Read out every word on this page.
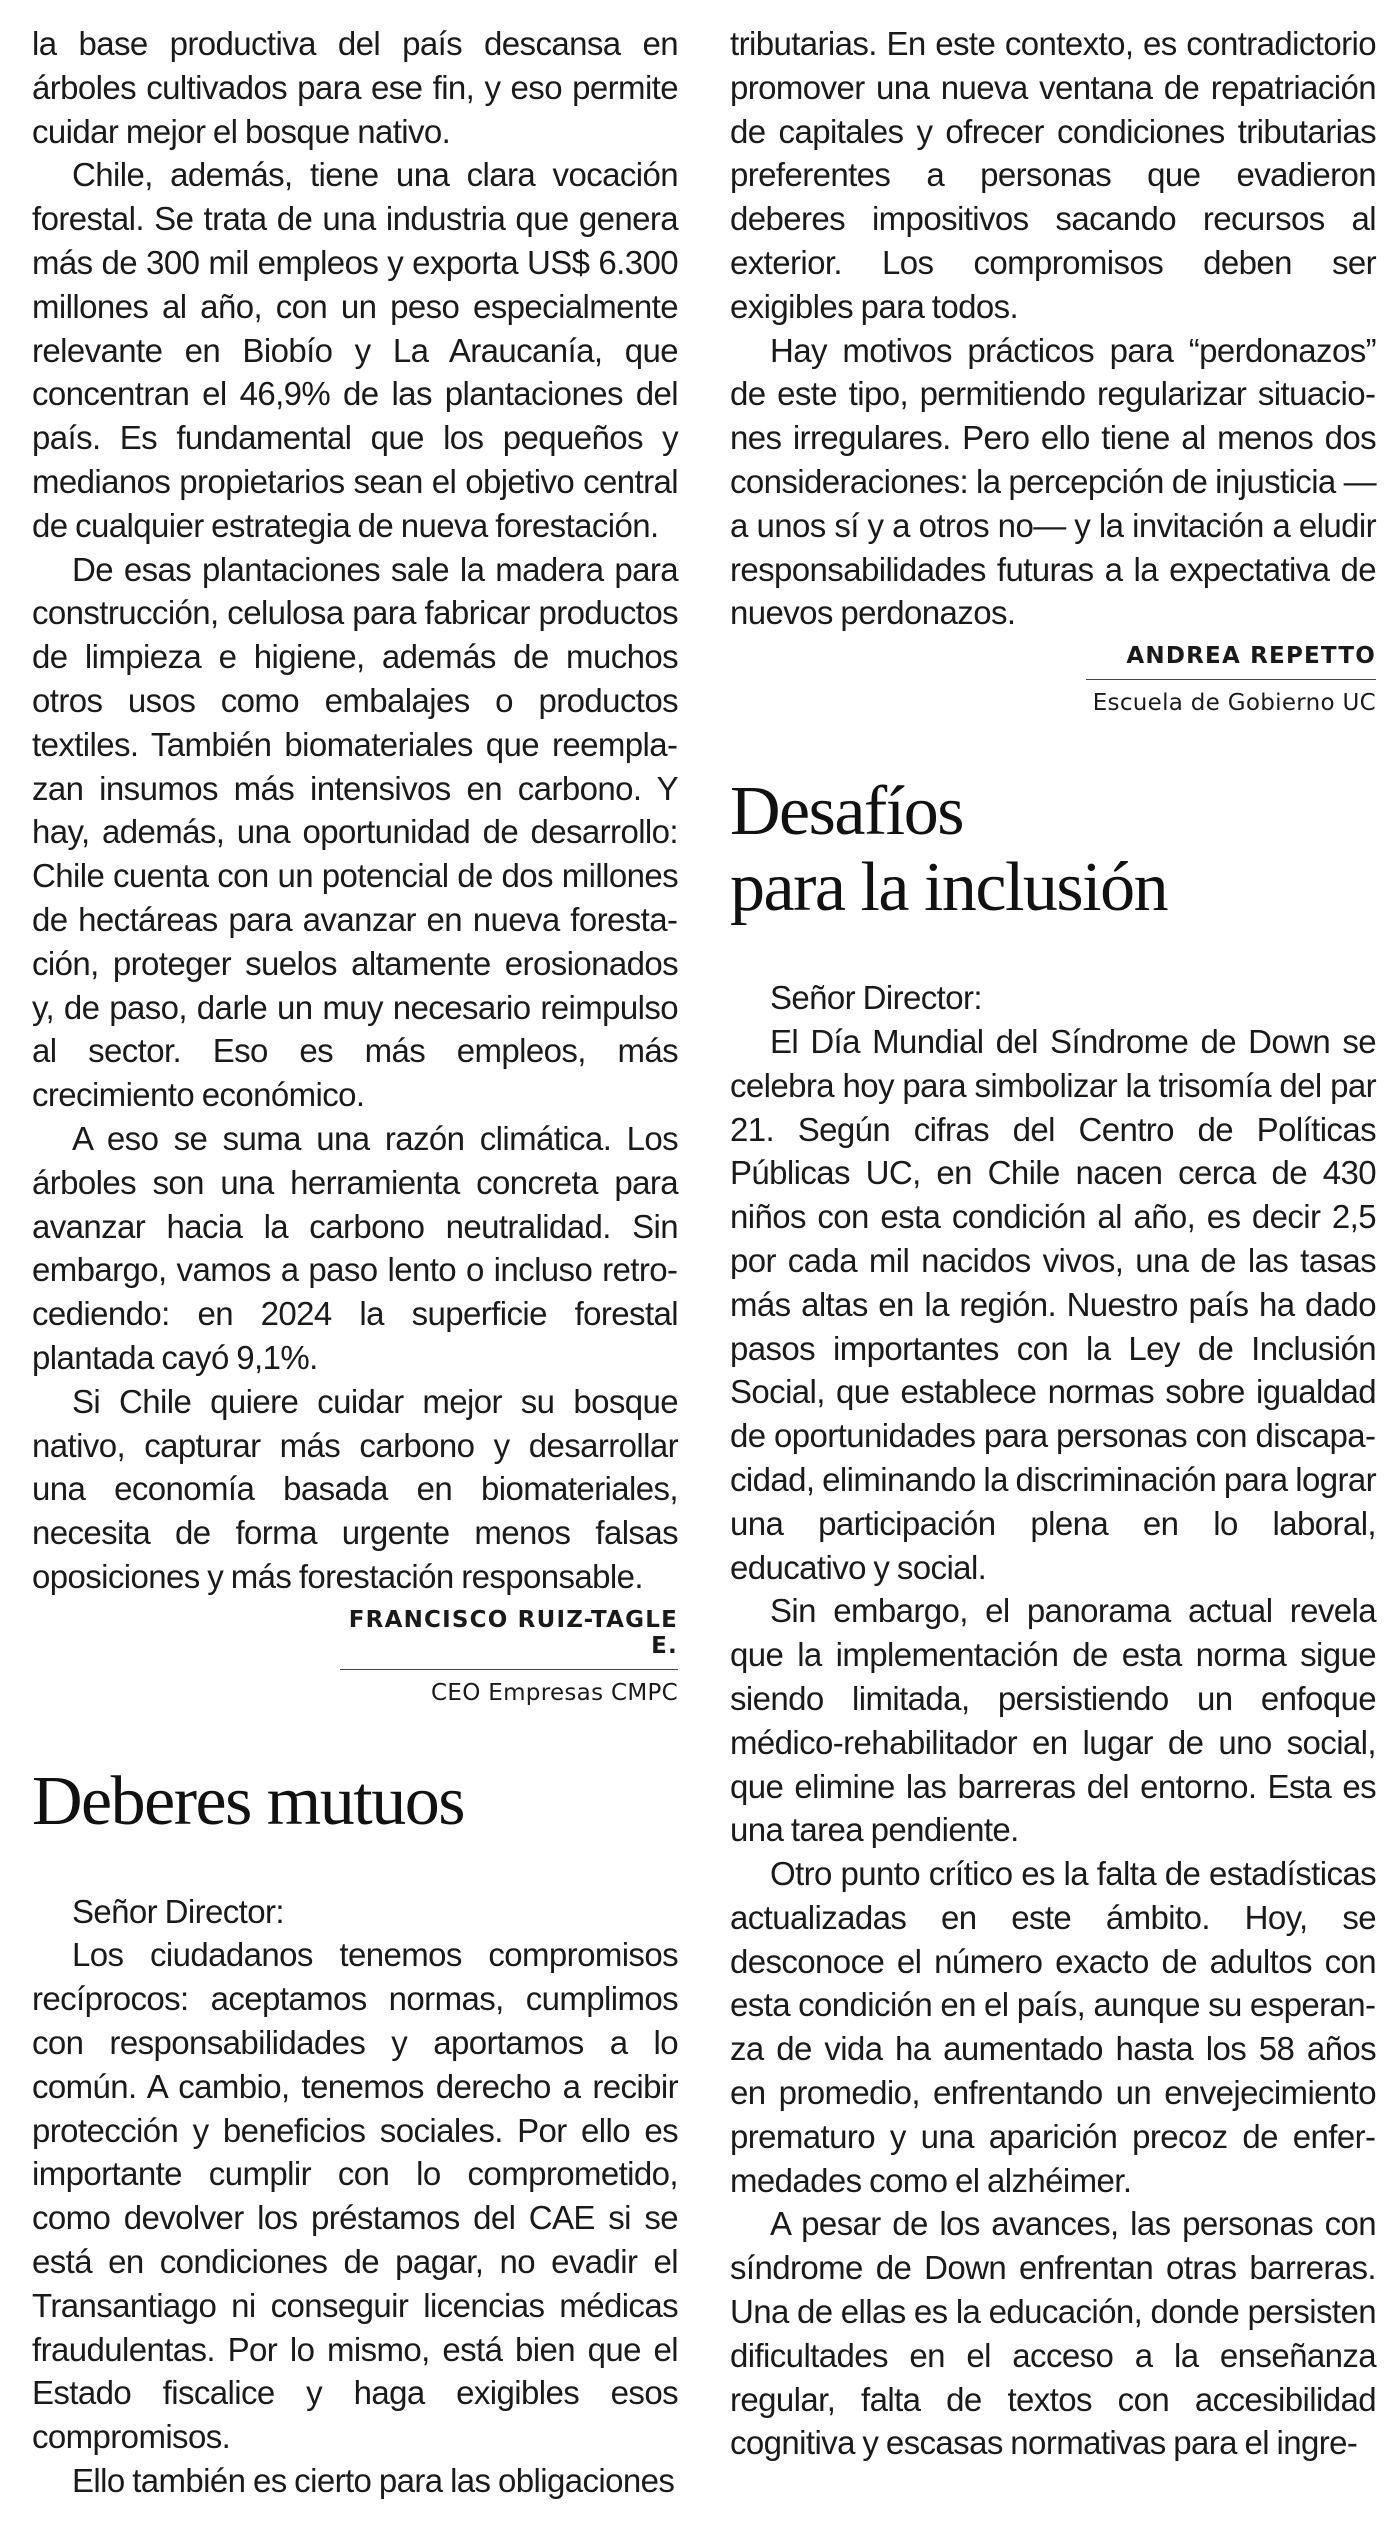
la base productiva del país descansa en árboles cultivados para ese fin, y eso permite cuidar mejor el bosque nativo.

Chile, además, tiene una clara vocación forestal. Se trata de una industria que genera más de 300 mil empleos y exporta US$ 6.300 millones al año, con un peso especialmente relevante en Biobío y La Araucanía, que concentran el 46,9% de las plantaciones del país. Es fundamental que los pequeños y medianos propietarios sean el objetivo central de cualquier estrategia de nueva forestación.

De esas plantaciones sale la madera para construcción, celulosa para fabricar productos de limpieza e higiene, además de muchos otros usos como embalajes o productos textiles. También biomateriales que reemplazan insumos más intensivos en carbono. Y hay, además, una oportunidad de desarrollo: Chile cuenta con un potencial de dos millones de hectáreas para avanzar en nueva forestación, proteger suelos altamente erosionados y, de paso, darle un muy necesario reimpulso al sector. Eso es más empleos, más crecimiento económico.

A eso se suma una razón climática. Los árboles son una herramienta concreta para avanzar hacia la carbono neutralidad. Sin embargo, vamos a paso lento o incluso retrocediendo: en 2024 la superficie forestal plantada cayó 9,1%.

Si Chile quiere cuidar mejor su bosque nativo, capturar más carbono y desarrollar una economía basada en biomateriales, necesita de forma urgente menos falsas oposiciones y más forestación responsable.

FRANCISCO RUIZ-TAGLE E.
CEO Empresas CMPC
Deberes mutuos

Señor Director:

Los ciudadanos tenemos compromisos recíprocos: aceptamos normas, cumplimos con responsabilidades y aportamos a lo común. A cambio, tenemos derecho a recibir protección y beneficios sociales. Por ello es importante cumplir con lo comprometido, como devolver los préstamos del CAE si se está en condiciones de pagar, no evadir el Transantiago ni conseguir licencias médicas fraudulentas. Por lo mismo, está bien que el Estado fiscalice y haga exigibles esos compromisos.

Ello también es cierto para las obligaciones

tributarias. En este contexto, es contradictorio promover una nueva ventana de repatriación de capitales y ofrecer condiciones tributarias preferentes a personas que evadieron deberes impositivos sacando recursos al exterior. Los compromisos deben ser exigibles para todos.

Hay motivos prácticos para “perdonazos” de este tipo, permitiendo regularizar situaciones irregulares. Pero ello tiene al menos dos consideraciones: la percepción de injusticia —a unos sí y a otros no— y la invitación a eludir responsabilidades futuras a la expectativa de nuevos perdonazos.

ANDREA REPETTO
Escuela de Gobierno UC
Desafíos
para la inclusión

Señor Director:

El Día Mundial del Síndrome de Down se celebra hoy para simbolizar la trisomía del par 21. Según cifras del Centro de Políticas Públicas UC, en Chile nacen cerca de 430 niños con esta condición al año, es decir 2,5 por cada mil nacidos vivos, una de las tasas más altas en la región. Nuestro país ha dado pasos importantes con la Ley de Inclusión Social, que establece normas sobre igualdad de oportunidades para personas con discapacidad, eliminando la discriminación para lograr una participación plena en lo laboral, educativo y social.

Sin embargo, el panorama actual revela que la implementación de esta norma sigue siendo limitada, persistiendo un enfoque médico-rehabilitador en lugar de uno social, que elimine las barreras del entorno. Esta es una tarea pendiente.

Otro punto crítico es la falta de estadísticas actualizadas en este ámbito. Hoy, se desconoce el número exacto de adultos con esta condición en el país, aunque su esperanza de vida ha aumentado hasta los 58 años en promedio, enfrentando un envejecimiento prematuro y una aparición precoz de enfermedades como el alzhéimer.

A pesar de los avances, las personas con síndrome de Down enfrentan otras barreras. Una de ellas es la educación, donde persisten dificultades en el acceso a la enseñanza regular, falta de textos con accesibilidad cognitiva y escasas normativas para el ingre-
